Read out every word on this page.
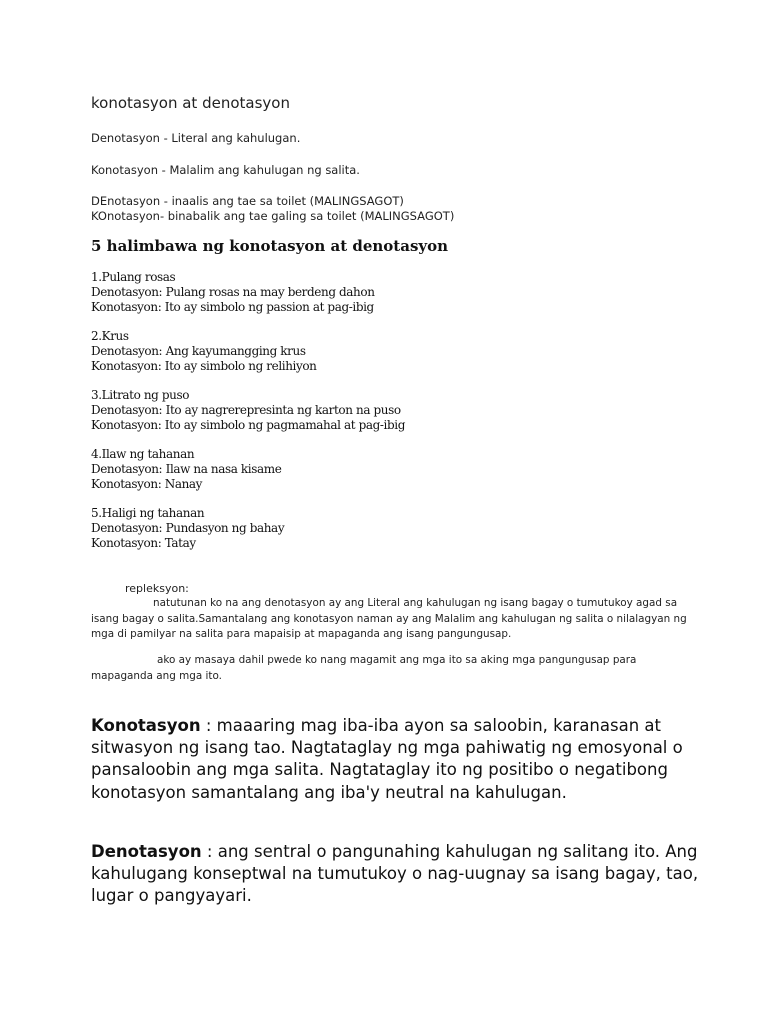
konotasyon at denotasyon
Denotasyon - Literal ang kahulugan.
Konotasyon - Malalim ang kahulugan ng salita.
DEnotasyon - inaalis ang tae sa toilet (MALINGSAGOT)
KOnotasyon- binabalik ang tae galing sa toilet (MALINGSAGOT)
5 halimbawa ng konotasyon at denotasyon
1.Pulang rosas
Denotasyon: Pulang rosas na may berdeng dahon
Konotasyon: Ito ay simbolo ng passion at pag-ibig
2.Krus
Denotasyon: Ang kayumangging krus
Konotasyon: Ito ay simbolo ng relihiyon
3.Litrato ng puso
Denotasyon: Ito ay nagrerepresinta ng karton na puso
Konotasyon: Ito ay simbolo ng pagmamahal at pag-ibig
4.Ilaw ng tahanan
Denotasyon: Ilaw na nasa kisame
Konotasyon: Nanay
5.Haligi ng tahanan
Denotasyon: Pundasyon ng bahay
Konotasyon: Tatay
repleksyon:
natutunan ko na ang denotasyon ay ang Literal ang kahulugan ng isang bagay o tumutukoy agad sa isang bagay o salita.Samantalang ang konotasyon naman ay ang Malalim ang kahulugan ng salita o nilalagyan ng mga di pamilyar na salita para mapaisip at mapaganda ang isang pangungusap.
ako ay masaya dahil pwede ko nang magamit ang mga ito sa aking mga pangungusap para mapaganda ang mga ito.
Konotasyon : maaaring mag iba-iba ayon sa saloobin, karanasan at sitwasyon ng isang tao. Nagtataglay ng mga pahiwatig ng emosyonal o pansaloobin ang mga salita. Nagtataglay ito ng positibo o negatibong konotasyon samantalang ang iba'y neutral na kahulugan.
Denotasyon : ang sentral o pangunahing kahulugan ng salitang ito. Ang kahulugang konseptwal na tumutukoy o nag-uugnay sa isang bagay, tao, lugar o pangyayari.
